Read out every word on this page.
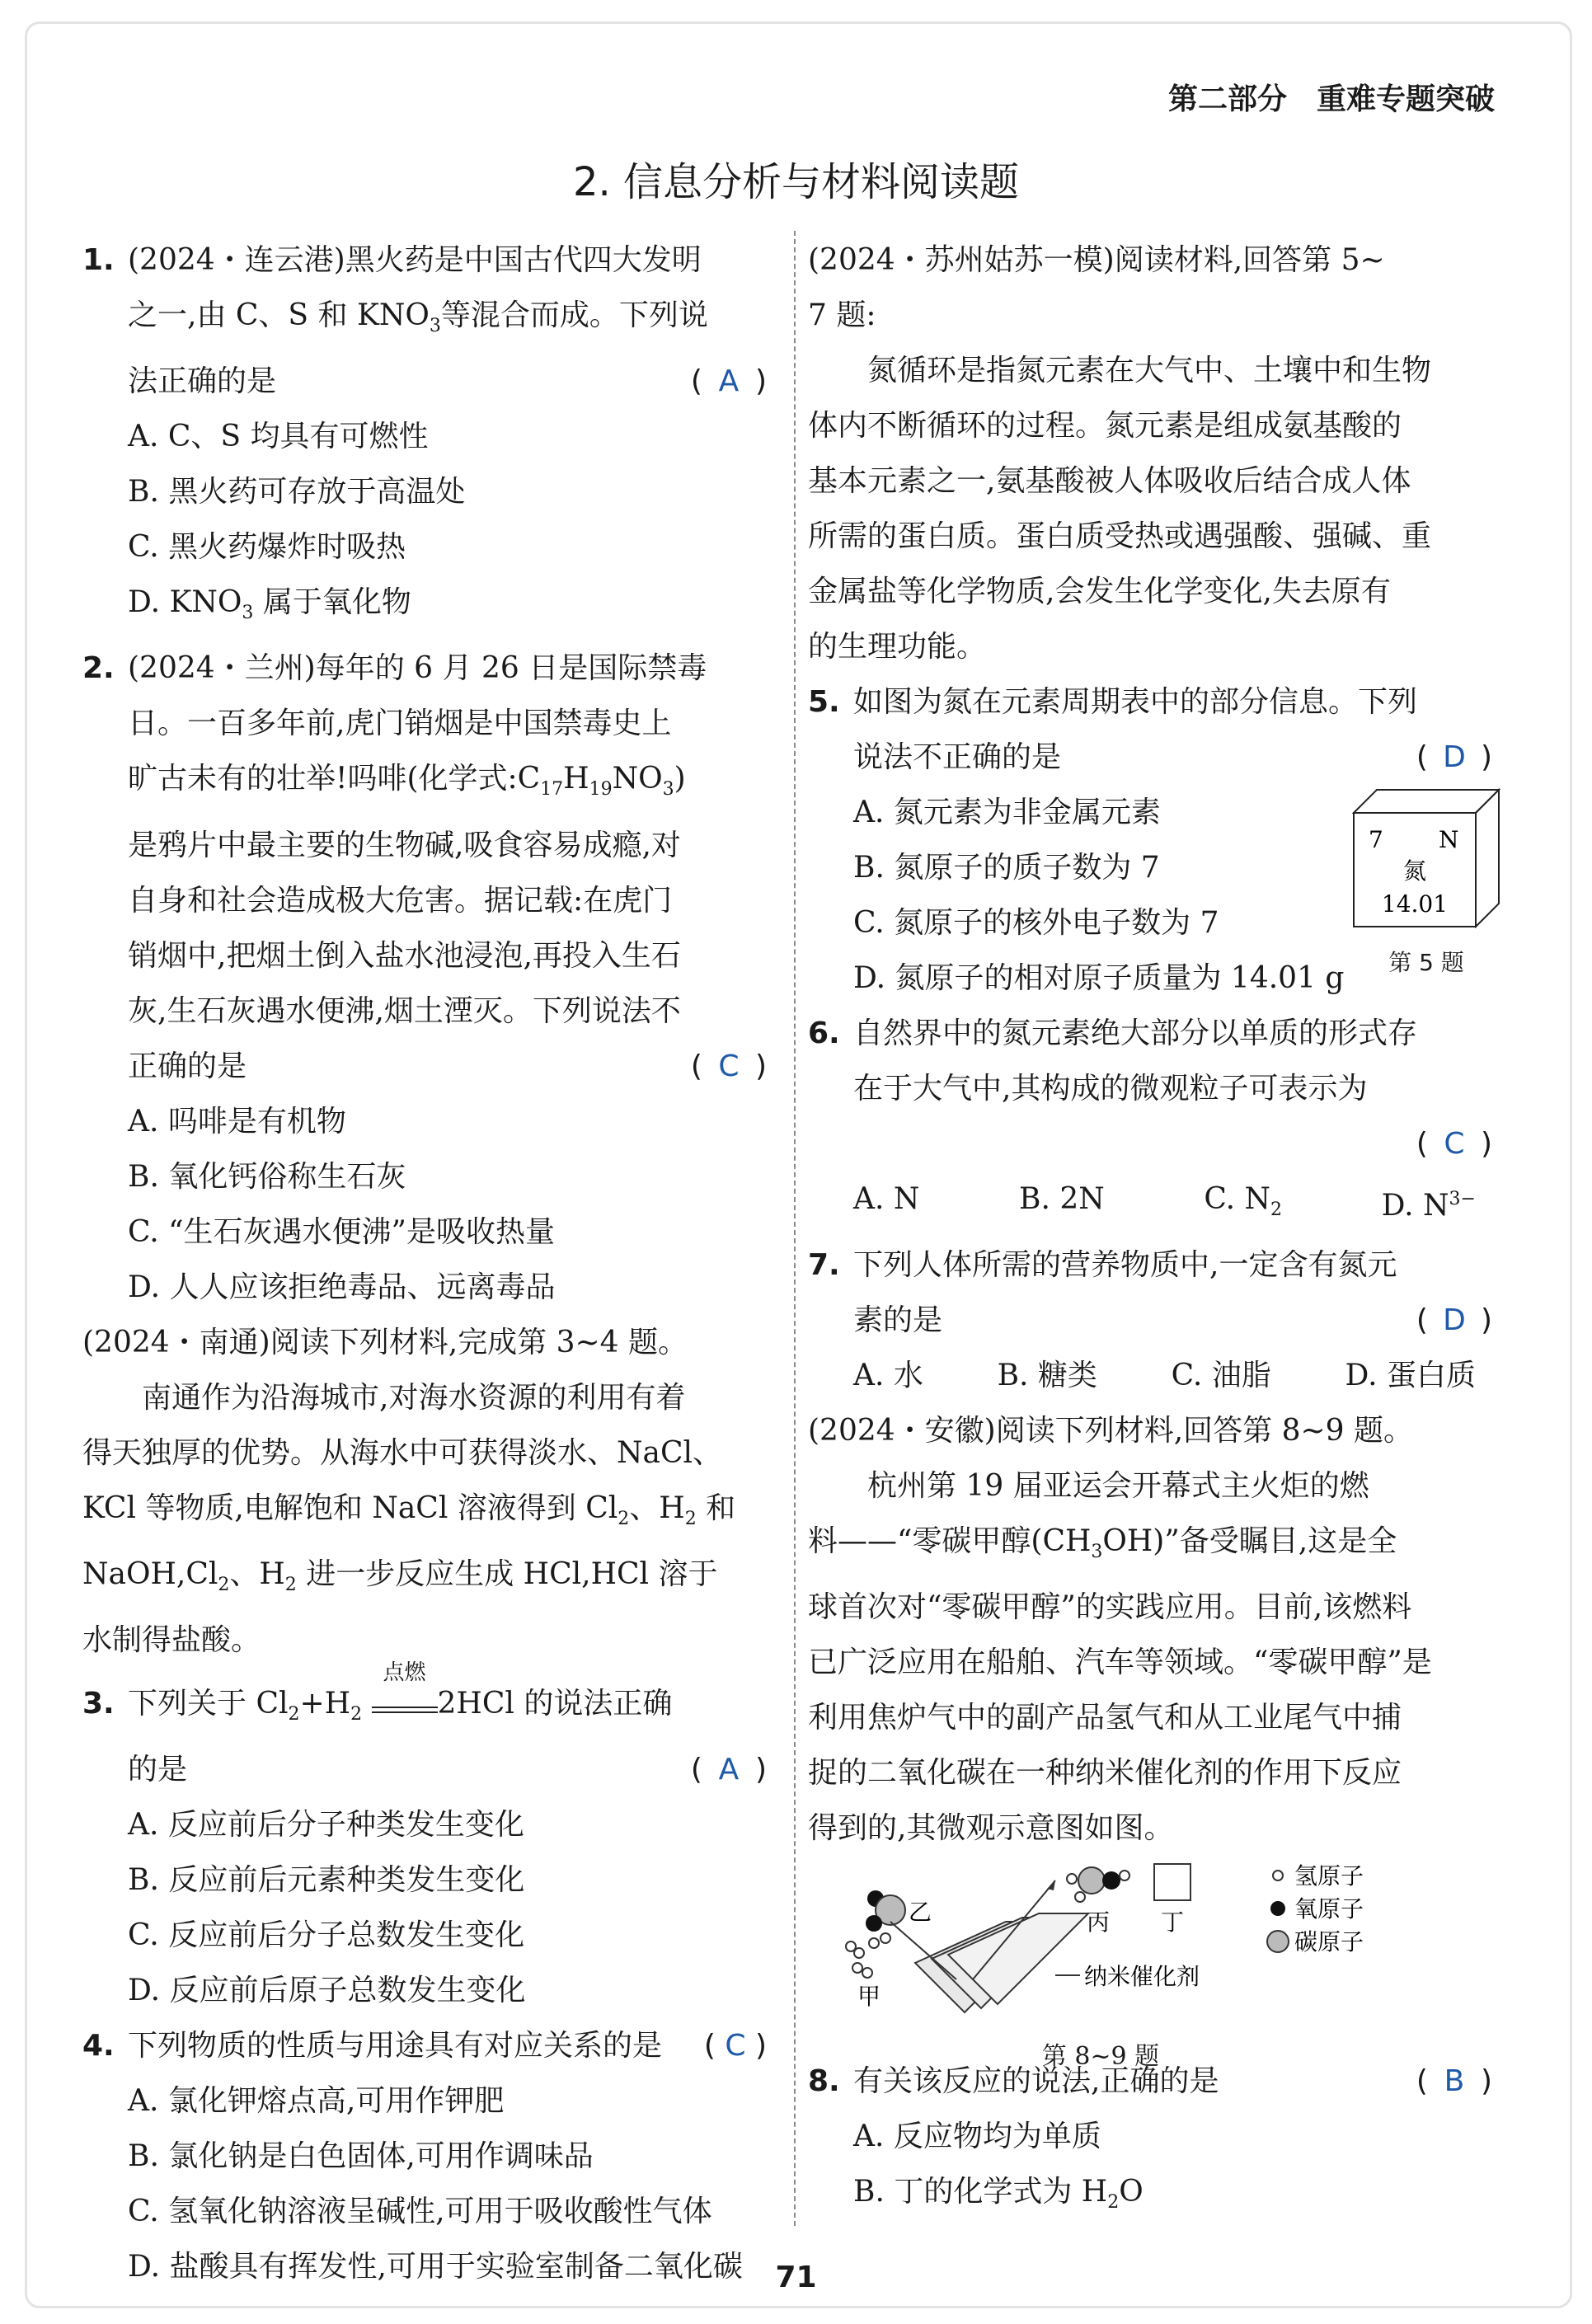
第二部分 重难专题突破
2. 信息分析与材料阅读题
1. (2024・连云港)黑火药是中国古代四大发明
之一,由 C、S 和 $KNO_3$等混合而成。下列说
法正确的是	( A )
A. C、S 均具有可燃性
B. 黑火药可存放于高温处
C. 黑火药爆炸时吸热
D. $KNO_3$ 属于氧化物
2. (2024・兰州)每年的 6 月 26 日是国际禁毒
日。一百多年前,虎门销烟是中国禁毒史上
旷古未有的壮举!吗啡(化学式$:C_{17}H_{19}NO_3$)
是鸦片中最主要的生物碱,吸食容易成瘾,对
自身和社会造成极大危害。据记载:在虎门
销烟中,把烟土倒入盐水池浸泡,再投入生石
灰,生石灰遇水便沸,烟土湮灭。下列说法不
正确的是	( C )
A. 吗啡是有机物
B. 氧化钙俗称生石灰
C. “生石灰遇水便沸”是吸收热量
D. 人人应该拒绝毒品、远离毒品
(2024・南通)阅读下列材料,完成第 3~4 题。

南通作为沿海城市,对海水资源的利用有着

得天独厚的优势。从海水中可获得淡水、NaCl、
KCl 等物质,电解饱和 NaCl 溶液得到 $Cl_2$、$H_2$ 和
$NaOH,Cl_2$、$H_2$ 进一步反应生成 HCl,HCl 溶于
水制得盐酸。
3. 下列关于 $Cl_2+H_2$
点燃
2HCl 的说法正确
的是	( A )
A. 反应前后分子种类发生变化
B. 反应前后元素种类发生变化
C. 反应前后分子总数发生变化
D. 反应前后原子总数发生变化
4. 下列物质的性质与用途具有对应关系的是 ( C )
A. 氯化钾熔点高,可用作钾肥
B. 氯化钠是白色固体,可用作调味品
C. 氢氧化钠溶液呈碱性,可用于吸收酸性气体
D. 盐酸具有挥发性,可用于实验室制备二氧化碳
(2024・苏州姑苏一模)阅读材料,回答第 5~
7 题:

氮循环是指氮元素在大气中、土壤中和生物

体内不断循环的过程。氮元素是组成氨基酸的
基本元素之一,氨基酸被人体吸收后结合成人体
所需的蛋白质。蛋白质受热或遇强酸、强碱、重
金属盐等化学物质,会发生化学变化,失去原有
的生理功能。
5. 如图为氮在元素周期表中的部分信息。下列
说法不正确的是	( D )
A. 氮元素为非金属元素
B. 氮原子的质子数为 7
C. 氮原子的核外电子数为 7
D. 氮原子的相对原子质量为 14.01 g
7 N
氮
14.01
第 5 题
6. 自然界中的氮元素绝大部分以单质的形式存
在于大气中,其构成的微观粒子可表示为
( C )
A. N	B. 2N	C. $N_2$	D. $N^{3-}$
7. 下列人体所需的营养物质中,一定含有氮元
素的是	( D )
A. 水 B. 糖类 C. 油脂 D. 蛋白质
(2024・安徽)阅读下列材料,回答第 8~9 题。

杭州第 19 届亚运会开幕式主火炬的燃

料——“零碳甲醇$(CH_3OH)$”备受瞩目,这是全
球首次对“零碳甲醇”的实践应用。目前,该燃料
已广泛应用在船舶、汽车等领域。“零碳甲醇”是
利用焦炉气中的副产品氢气和从工业尾气中捕
捉的二氧化碳在一种纳米催化剂的作用下反应
得到的,其微观示意图如图。
乙
甲
纳米催化剂
丙 丁
氢原子
氧原子
碳原子
第 8~9 题
8. 有关该反应的说法,正确的是	( B )
A. 反应物均为单质
B. 丁的化学式为 $H_2O$
71
